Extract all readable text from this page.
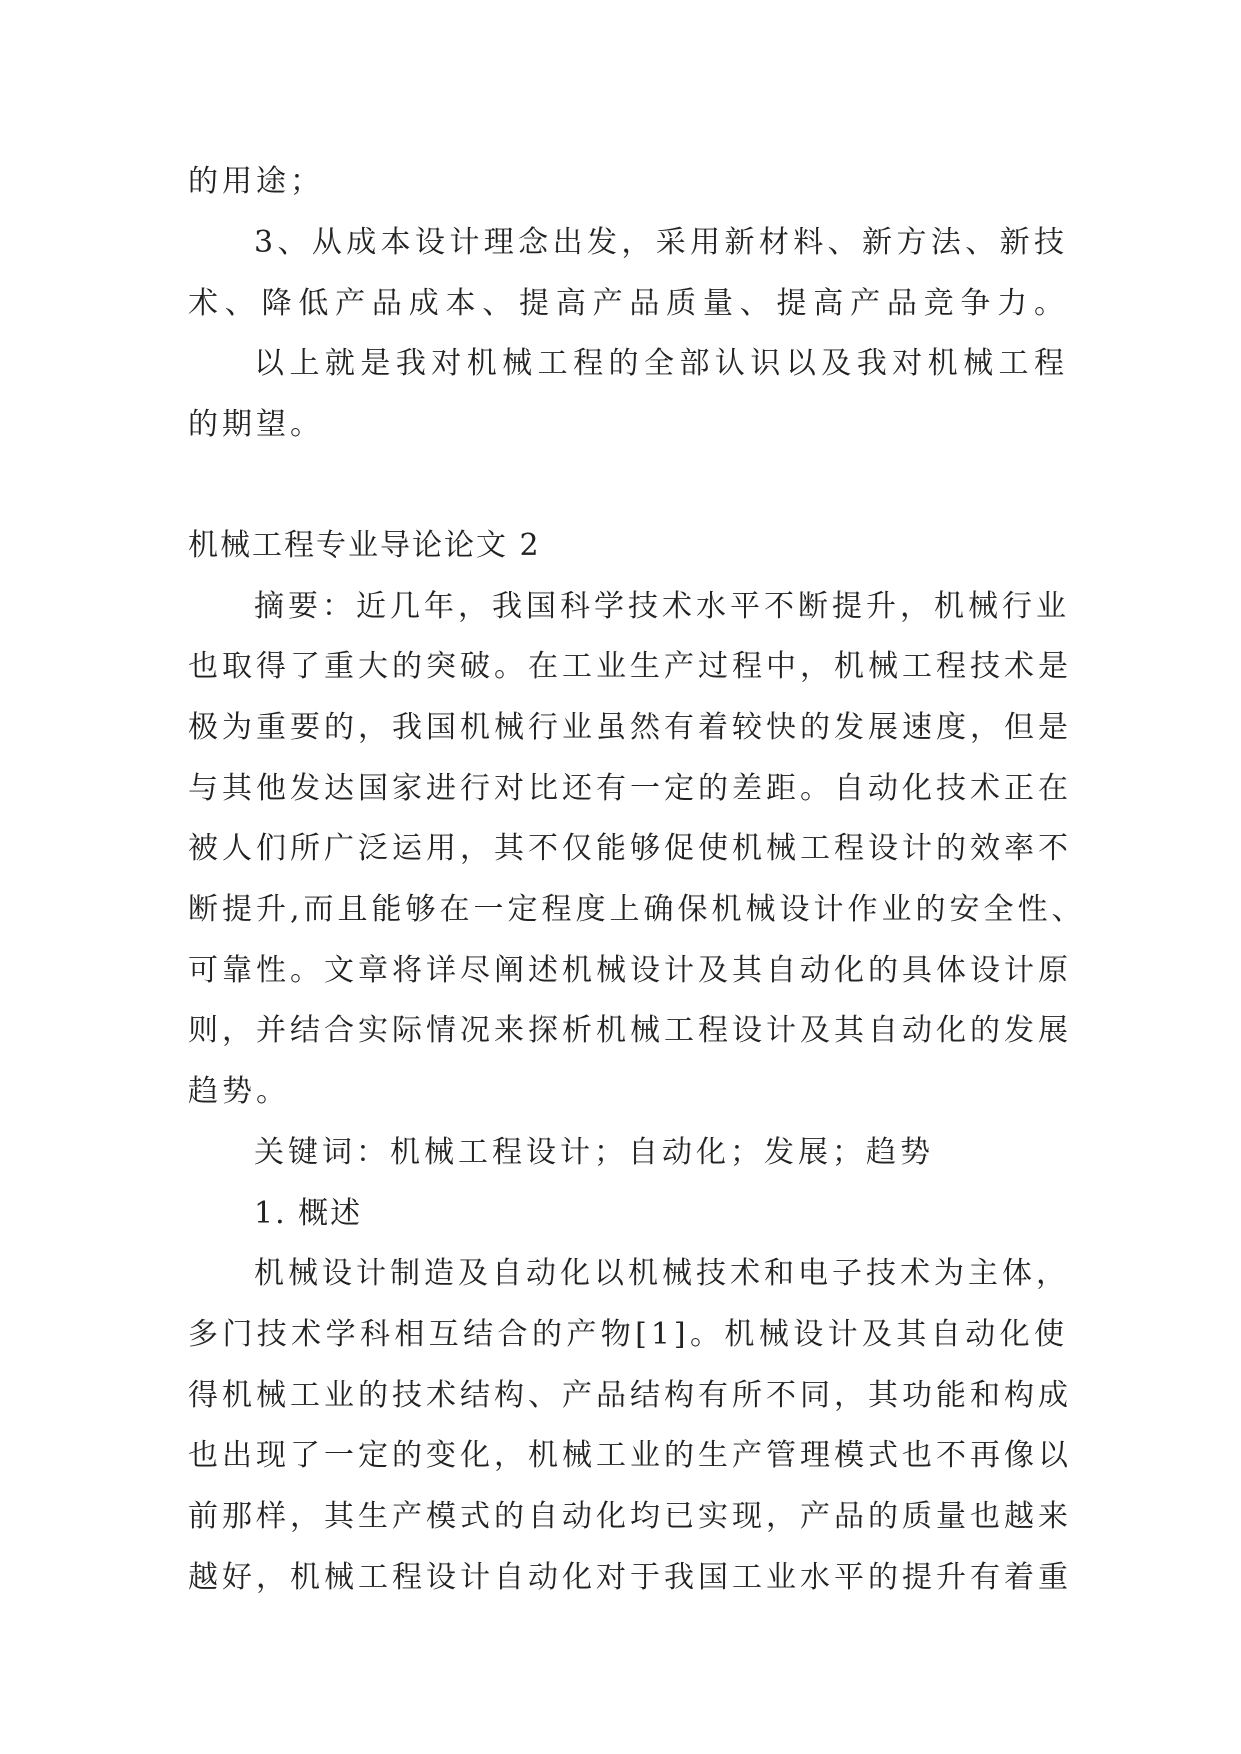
的用途；
3、从成本设计理念出发，采用新材料、新方法、新技
术、降低产品成本、提高产品质量、提高产品竞争力。
以上就是我对机械工程的全部认识以及我对机械工程
的期望。
机械工程专业导论论文 2
摘要：近几年，我国科学技术水平不断提升，机械行业
也取得了重大的突破。在工业生产过程中，机械工程技术是
极为重要的，我国机械行业虽然有着较快的发展速度，但是
与其他发达国家进行对比还有一定的差距。自动化技术正在
被人们所广泛运用，其不仅能够促使机械工程设计的效率不
断提升,而且能够在一定程度上确保机械设计作业的安全性、
可靠性。文章将详尽阐述机械设计及其自动化的具体设计原
则，并结合实际情况来探析机械工程设计及其自动化的发展
趋势。
关键词：机械工程设计；自动化；发展；趋势
1. 概述
机械设计制造及自动化以机械技术和电子技术为主体，
多门技术学科相互结合的产物[1]。机械设计及其自动化使
得机械工业的技术结构、产品结构有所不同，其功能和构成
也出现了一定的变化，机械工业的生产管理模式也不再像以
前那样，其生产模式的自动化均已实现，产品的质量也越来
越好，机械工程设计自动化对于我国工业水平的提升有着重
